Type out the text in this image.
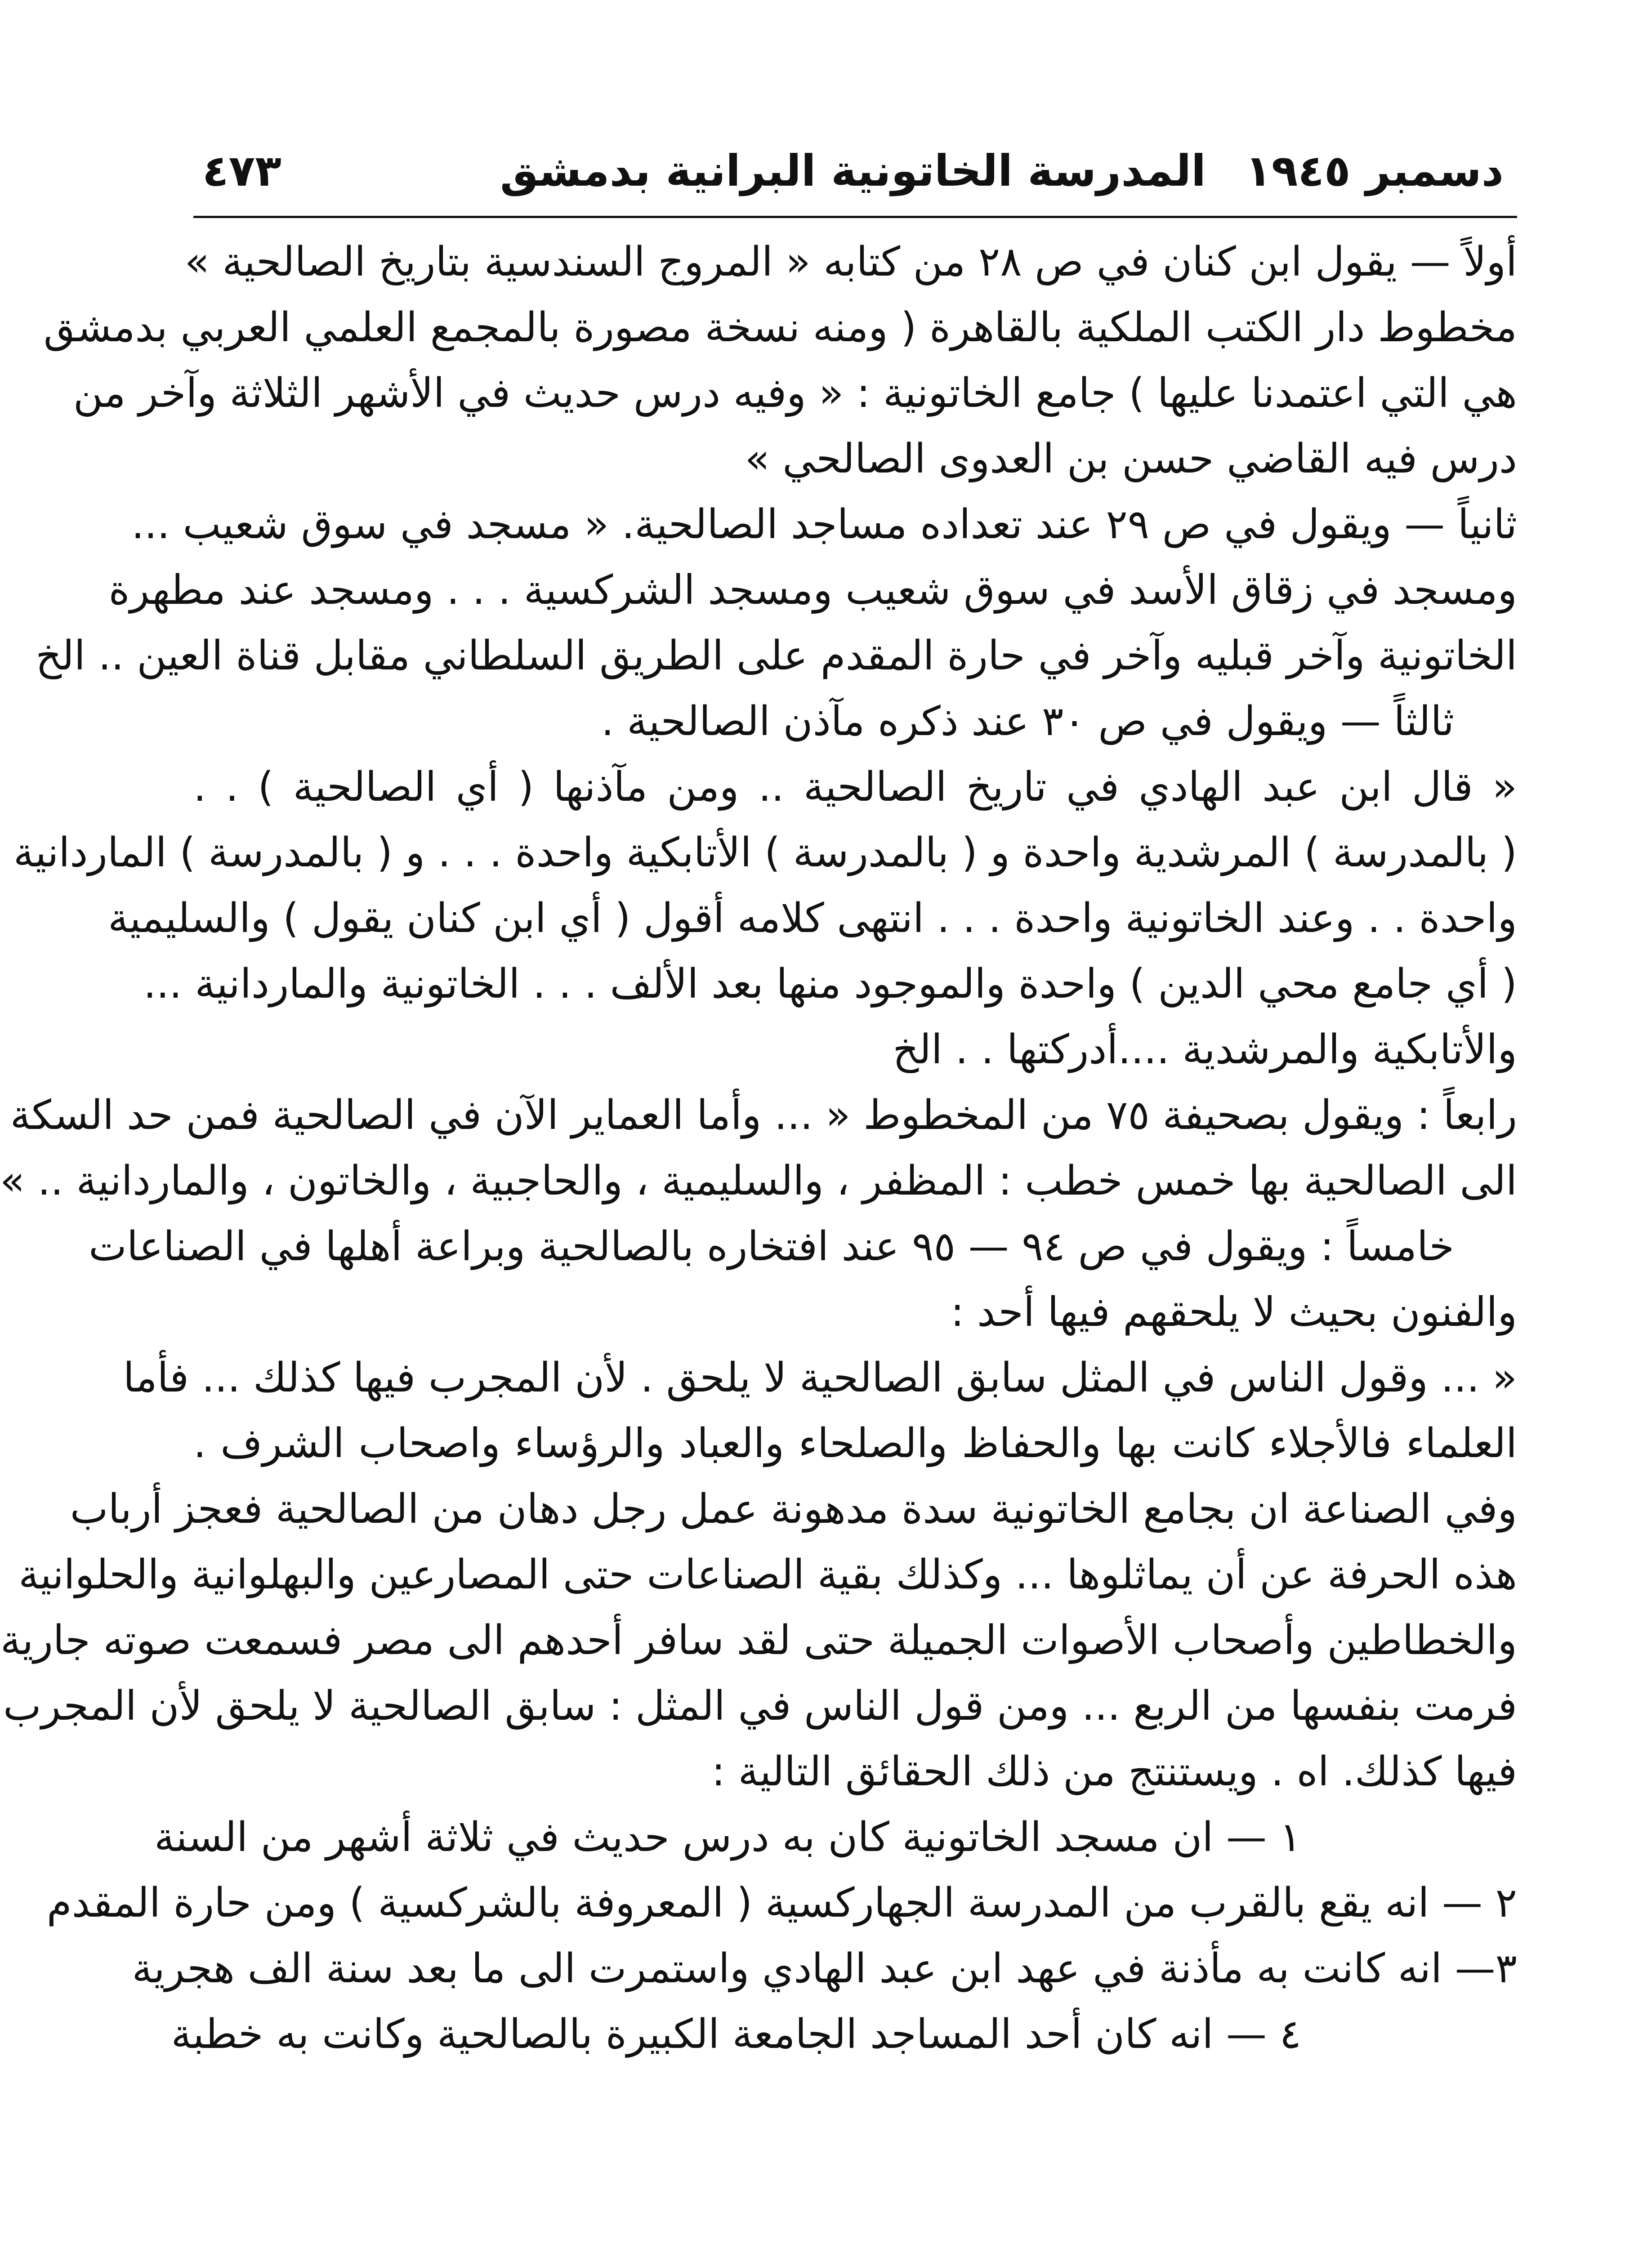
دسمبر ١٩٤٥
المدرسة الخاتونية البرانية بدمشق
٤٧٣
أولاً — يقول ابن كنان في ص ٢٨ من كتابه « المروج السندسية بتاريخ الصالحية »
مخطوط دار الكتب الملكية بالقاهرة ( ومنه نسخة مصورة بالمجمع العلمي العربي بدمشق
هي التي اعتمدنا عليها ) جامع الخاتونية : « وفيه درس حديث في الأشهر الثلاثة وآخر من
درس فيه القاضي حسن بن العدوى الصالحي »
ثانياً — ويقول في ص ٢٩ عند تعداده مساجد الصالحية. « مسجد في سوق شعيب ...
ومسجد في زقاق الأسد في سوق شعيب ومسجد الشركسية . . . ومسجد عند مطهرة
الخاتونية وآخر قبليه وآخر في حارة المقدم على الطريق السلطاني مقابل قناة العين .. الخ
ثالثاً — ويقول في ص ٣٠ عند ذكره مآذن الصالحية .
« قال ابن عبد الهادي في تاريخ الصالحية .. ومن مآذنها ( أي الصالحية ) . .
( بالمدرسة ) المرشدية واحدة و ( بالمدرسة ) الأتابكية واحدة . . . و ( بالمدرسة ) الماردانية
واحدة . . وعند الخاتونية واحدة . . . انتهى كلامه أقول ( أي ابن كنان يقول ) والسليمية
( أي جامع محي الدين ) واحدة والموجود منها بعد الألف . . . الخاتونية والماردانية ...
والأتابكية والمرشدية ....أدركتها . . الخ
رابعاً : ويقول بصحيفة ٧٥ من المخطوط « ... وأما العماير الآن في الصالحية فمن حد السكة
الى الصالحية بها خمس خطب : المظفر ، والسليمية ، والحاجبية ، والخاتون ، والماردانية .. »
خامساً : ويقول في ص ٩٤ — ٩٥ عند افتخاره بالصالحية وبراعة أهلها في الصناعات
والفنون بحيث لا يلحقهم فيها أحد :
« ... وقول الناس في المثل سابق الصالحية لا يلحق . لأن المجرب فيها كذلك ... فأما
العلماء فالأجلاء كانت بها والحفاظ والصلحاء والعباد والرؤساء واصحاب الشرف .
وفي الصناعة ان بجامع الخاتونية سدة مدهونة عمل رجل دهان من الصالحية فعجز أرباب
هذه الحرفة عن أن يماثلوها ... وكذلك بقية الصناعات حتى المصارعين والبهلوانية والحلوانية
والخطاطين وأصحاب الأصوات الجميلة حتى لقد سافر أحدهم الى مصر فسمعت صوته جارية
فرمت بنفسها من الربع ... ومن قول الناس في المثل : سابق الصالحية لا يلحق لأن المجرب
فيها كذلك. اه . ويستنتج من ذلك الحقائق التالية :
١ — ان مسجد الخاتونية كان به درس حديث في ثلاثة أشهر من السنة
٢ — انه يقع بالقرب من المدرسة الجهاركسية ( المعروفة بالشركسية ) ومن حارة المقدم
٣— انه كانت به مأذنة في عهد ابن عبد الهادي واستمرت الى ما بعد سنة الف هجرية
٤ — انه كان أحد المساجد الجامعة الكبيرة بالصالحية وكانت به خطبة
